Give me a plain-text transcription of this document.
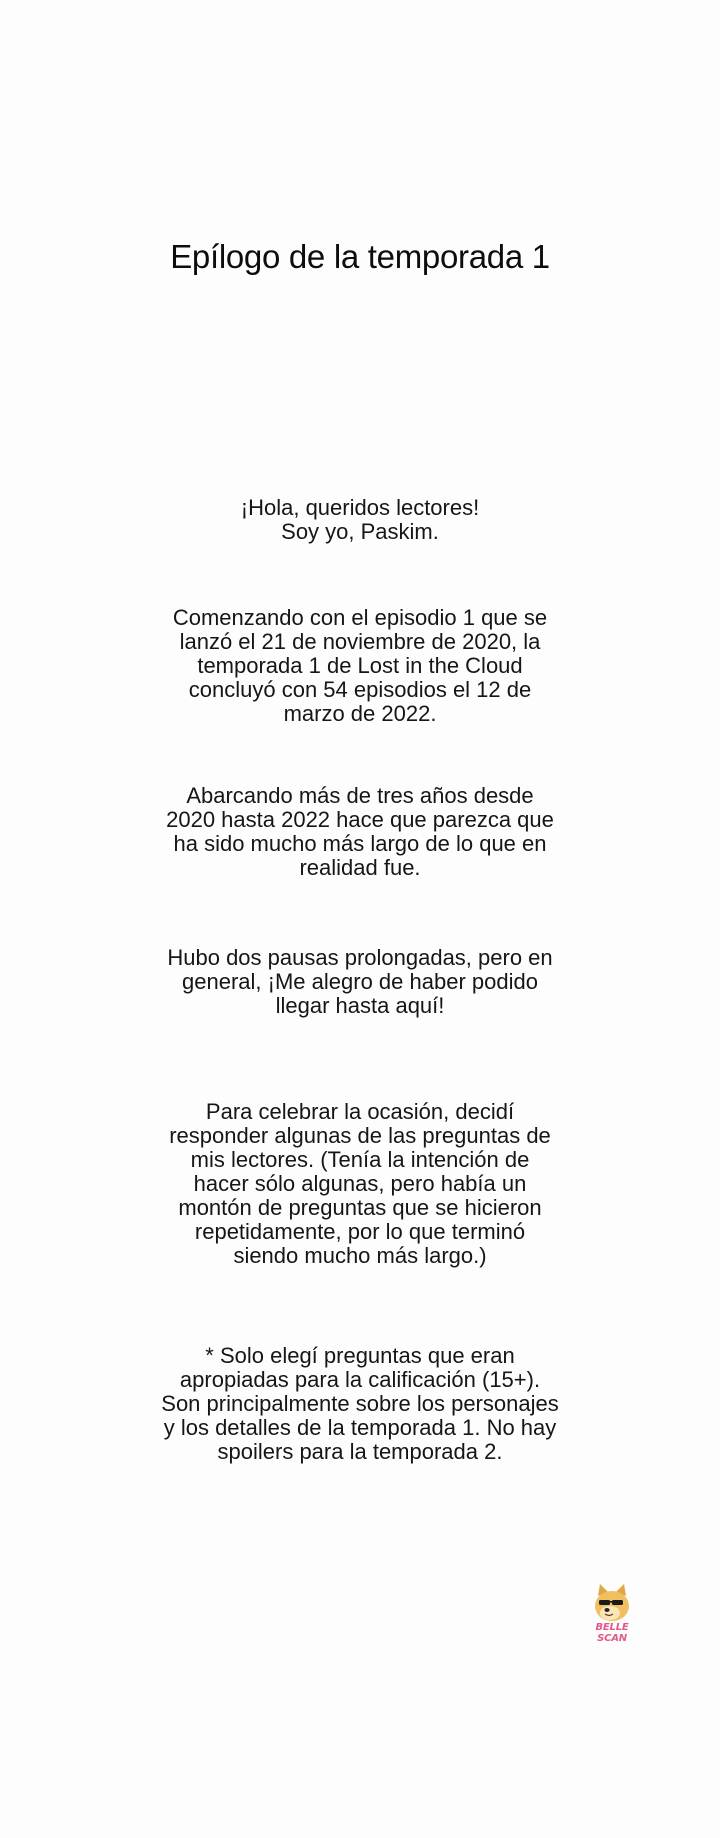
Epílogo de la temporada 1

¡Hola, queridos lectores!
Soy yo, Paskim.

Comenzando con el episodio 1 que se
lanzó el 21 de noviembre de 2020, la
temporada 1 de Lost in the Cloud
concluyó con 54 episodios el 12 de
marzo de 2022.

Abarcando más de tres años desde
2020 hasta 2022 hace que parezca que
ha sido mucho más largo de lo que en
realidad fue.

Hubo dos pausas prolongadas, pero en
general, ¡Me alegro de haber podido
llegar hasta aquí!

Para celebrar la ocasión, decidí
responder algunas de las preguntas de
mis lectores. (Tenía la intención de
hacer sólo algunas, pero había un
montón de preguntas que se hicieron
repetidamente, por lo que terminó
siendo mucho más largo.)

* Solo elegí preguntas que eran
apropiadas para la calificación (15+).
Son principalmente sobre los personajes
y los detalles de la temporada 1. No hay
spoilers para la temporada 2.

BELLE SCAN
